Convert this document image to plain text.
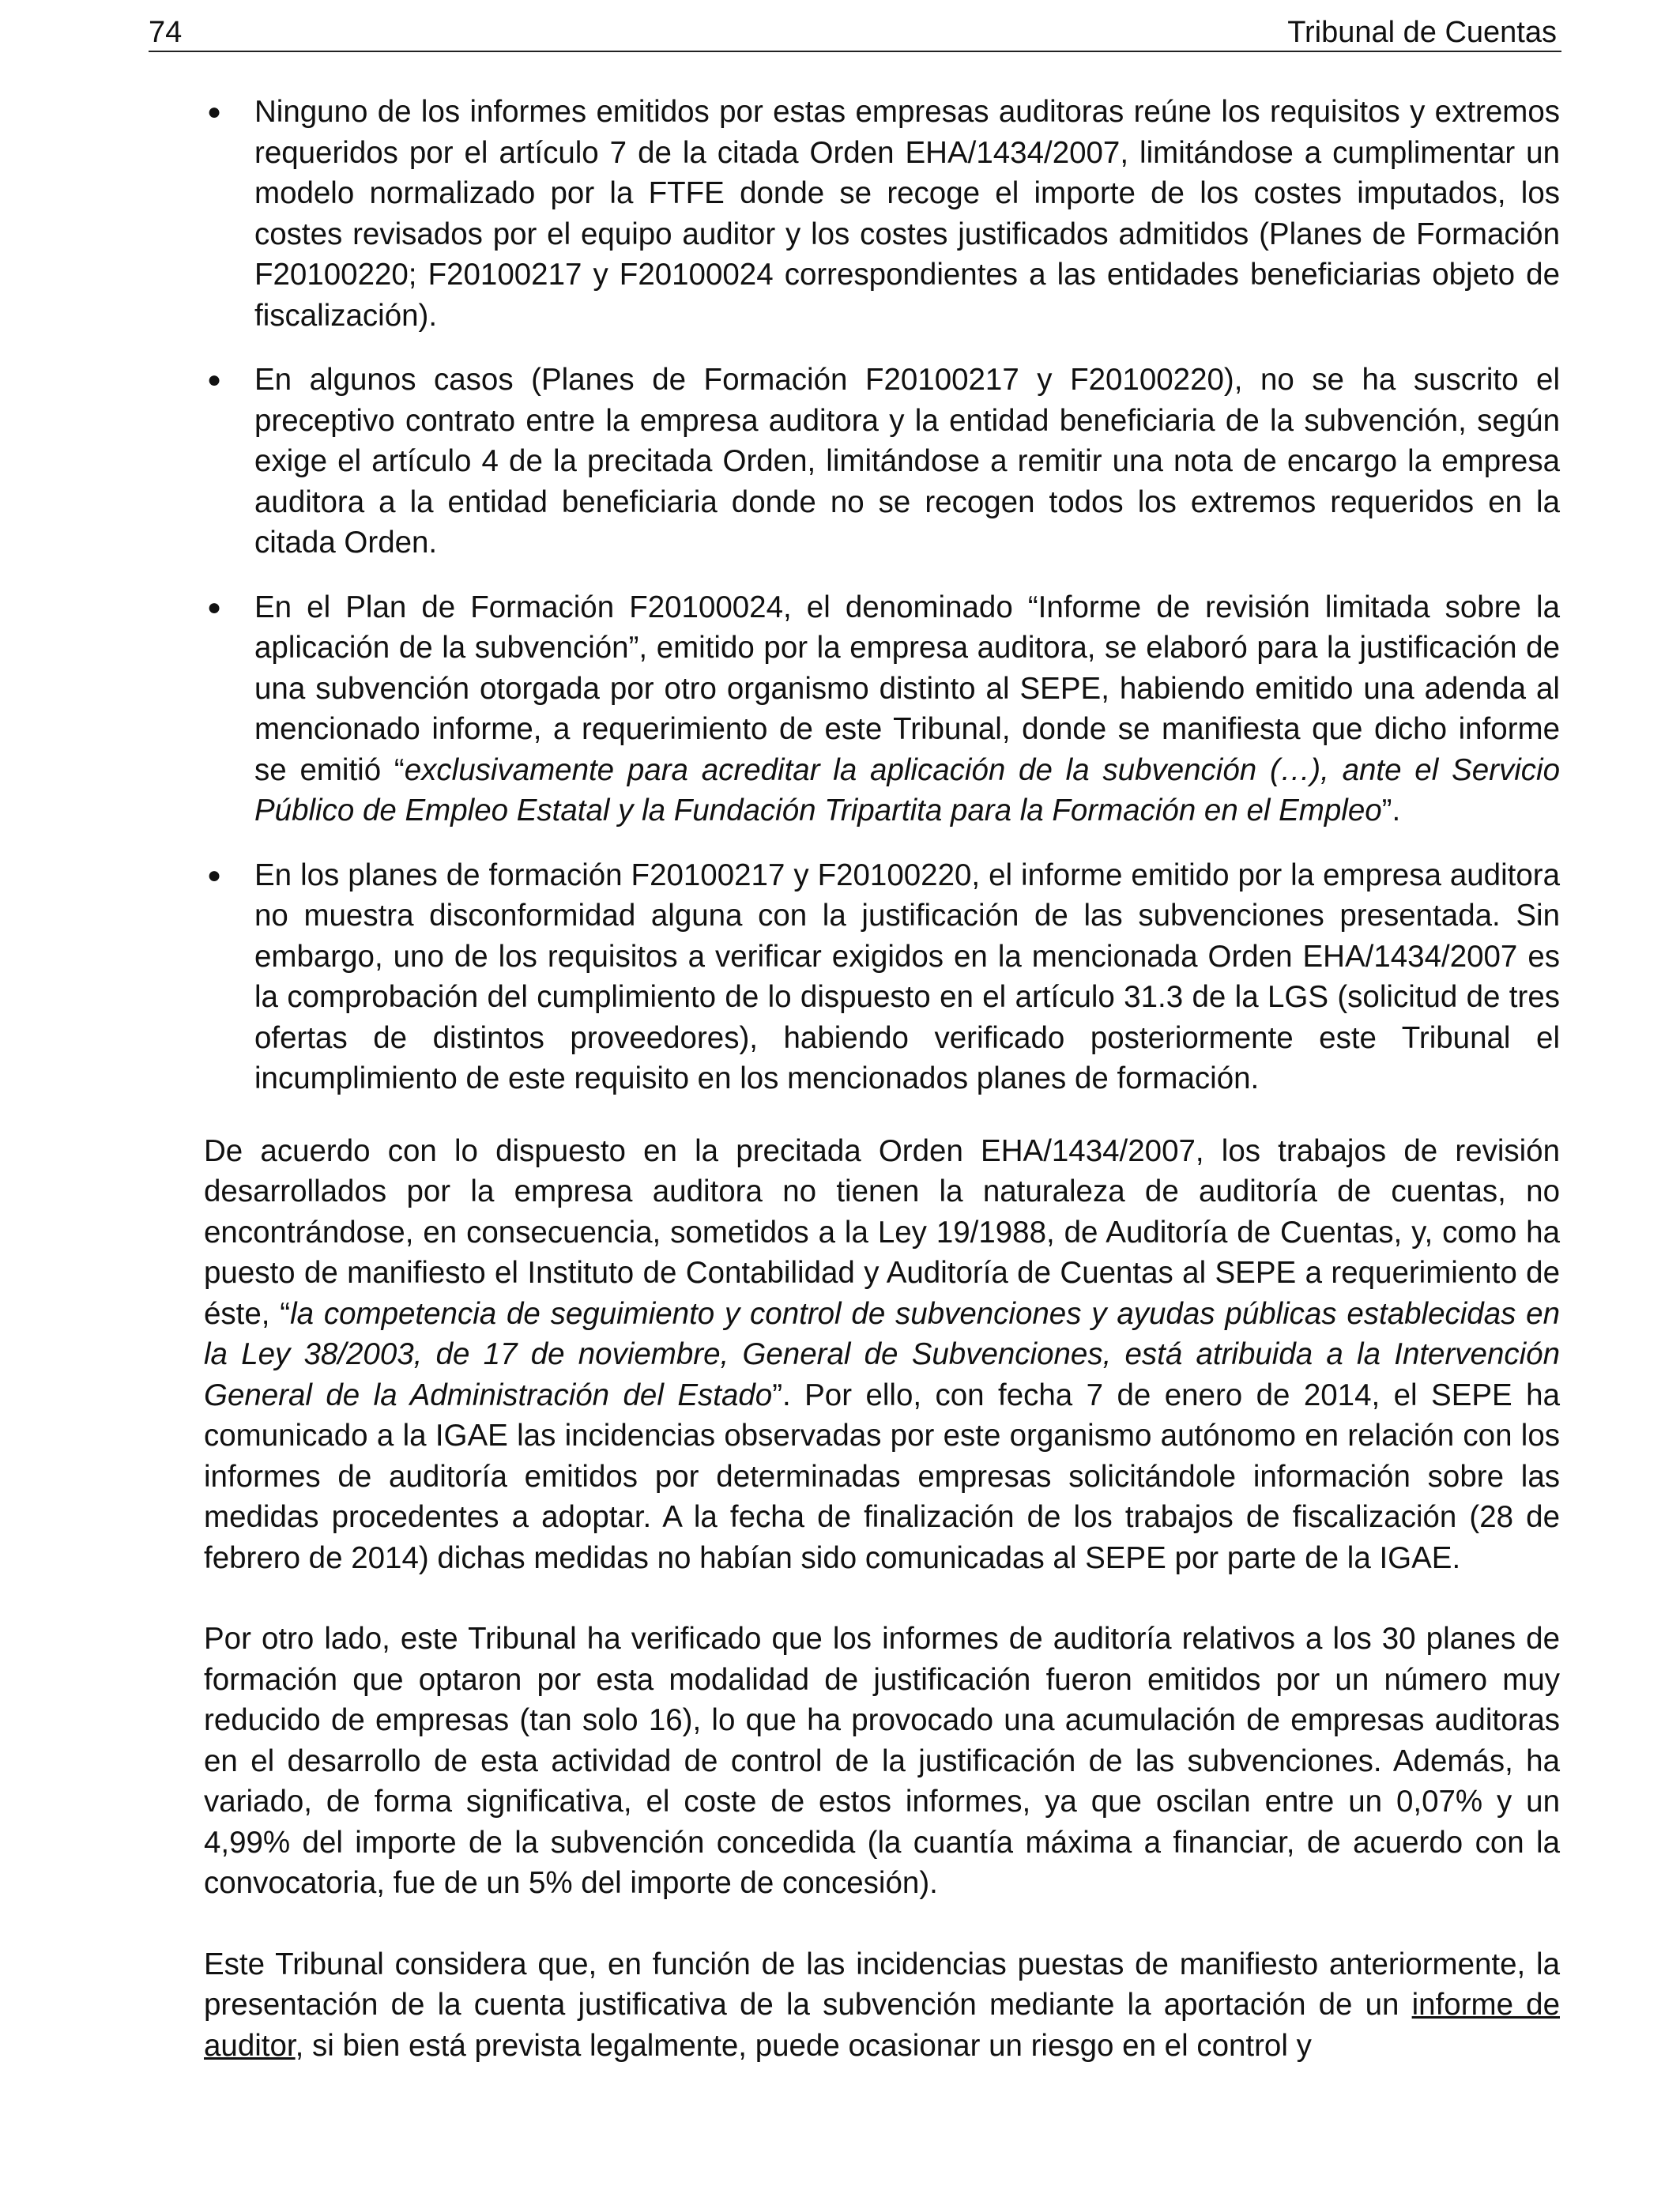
74	Tribunal de Cuentas
● Ninguno de los informes emitidos por estas empresas auditoras reúne los requisitos y extremos requeridos por el artículo 7 de la citada Orden EHA/1434/2007, limitándose a cumplimentar un modelo normalizado por la FTFE donde se recoge el importe de los costes imputados, los costes revisados por el equipo auditor y los costes justificados admitidos (Planes de Formación F20100220; F20100217 y F20100024 correspondientes a las entidades beneficiarias objeto de fiscalización).
● En algunos casos (Planes de Formación F20100217 y F20100220), no se ha suscrito el preceptivo contrato entre la empresa auditora y la entidad beneficiaria de la subvención, según exige el artículo 4 de la precitada Orden, limitándose a remitir una nota de encargo la empresa auditora a la entidad beneficiaria donde no se recogen todos los extremos requeridos en la citada Orden.
● En el Plan de Formación F20100024, el denominado “Informe de revisión limitada sobre la aplicación de la subvención”, emitido por la empresa auditora, se elaboró para la justificación de una subvención otorgada por otro organismo distinto al SEPE, habiendo emitido una adenda al mencionado informe, a requerimiento de este Tribunal, donde se manifiesta que dicho informe se emitió “exclusivamente para acreditar la aplicación de la subvención (…), ante el Servicio Público de Empleo Estatal y la Fundación Tripartita para la Formación en el Empleo”.
● En los planes de formación F20100217 y F20100220, el informe emitido por la empresa auditora no muestra disconformidad alguna con la justificación de las subvenciones presentada. Sin embargo, uno de los requisitos a verificar exigidos en la mencionada Orden EHA/1434/2007 es la comprobación del cumplimiento de lo dispuesto en el artículo 31.3 de la LGS (solicitud de tres ofertas de distintos proveedores), habiendo verificado posteriormente este Tribunal el incumplimiento de este requisito en los mencionados planes de formación.

De acuerdo con lo dispuesto en la precitada Orden EHA/1434/2007, los trabajos de revisión desarrollados por la empresa auditora no tienen la naturaleza de auditoría de cuentas, no encontrándose, en consecuencia, sometidos a la Ley 19/1988, de Auditoría de Cuentas, y, como ha puesto de manifiesto el Instituto de Contabilidad y Auditoría de Cuentas al SEPE a requerimiento de éste, “la competencia de seguimiento y control de subvenciones y ayudas públicas establecidas en la Ley 38/2003, de 17 de noviembre, General de Subvenciones, está atribuida a la Intervención General de la Administración del Estado”. Por ello, con fecha 7 de enero de 2014, el SEPE ha comunicado a la IGAE las incidencias observadas por este organismo autónomo en relación con los informes de auditoría emitidos por determinadas empresas solicitándole información sobre las medidas procedentes a adoptar. A la fecha de finalización de los trabajos de fiscalización (28 de febrero de 2014) dichas medidas no habían sido comunicadas al SEPE por parte de la IGAE.

Por otro lado, este Tribunal ha verificado que los informes de auditoría relativos a los 30 planes de formación que optaron por esta modalidad de justificación fueron emitidos por un número muy reducido de empresas (tan solo 16), lo que ha provocado una acumulación de empresas auditoras en el desarrollo de esta actividad de control de la justificación de las subvenciones. Además, ha variado, de forma significativa, el coste de estos informes, ya que oscilan entre un 0,07% y un 4,99% del importe de la subvención concedida (la cuantía máxima a financiar, de acuerdo con la convocatoria, fue de un 5% del importe de concesión).

Este Tribunal considera que, en función de las incidencias puestas de manifiesto anteriormente, la presentación de la cuenta justificativa de la subvención mediante la aportación de un informe de auditor, si bien está prevista legalmente, puede ocasionar un riesgo en el control y
